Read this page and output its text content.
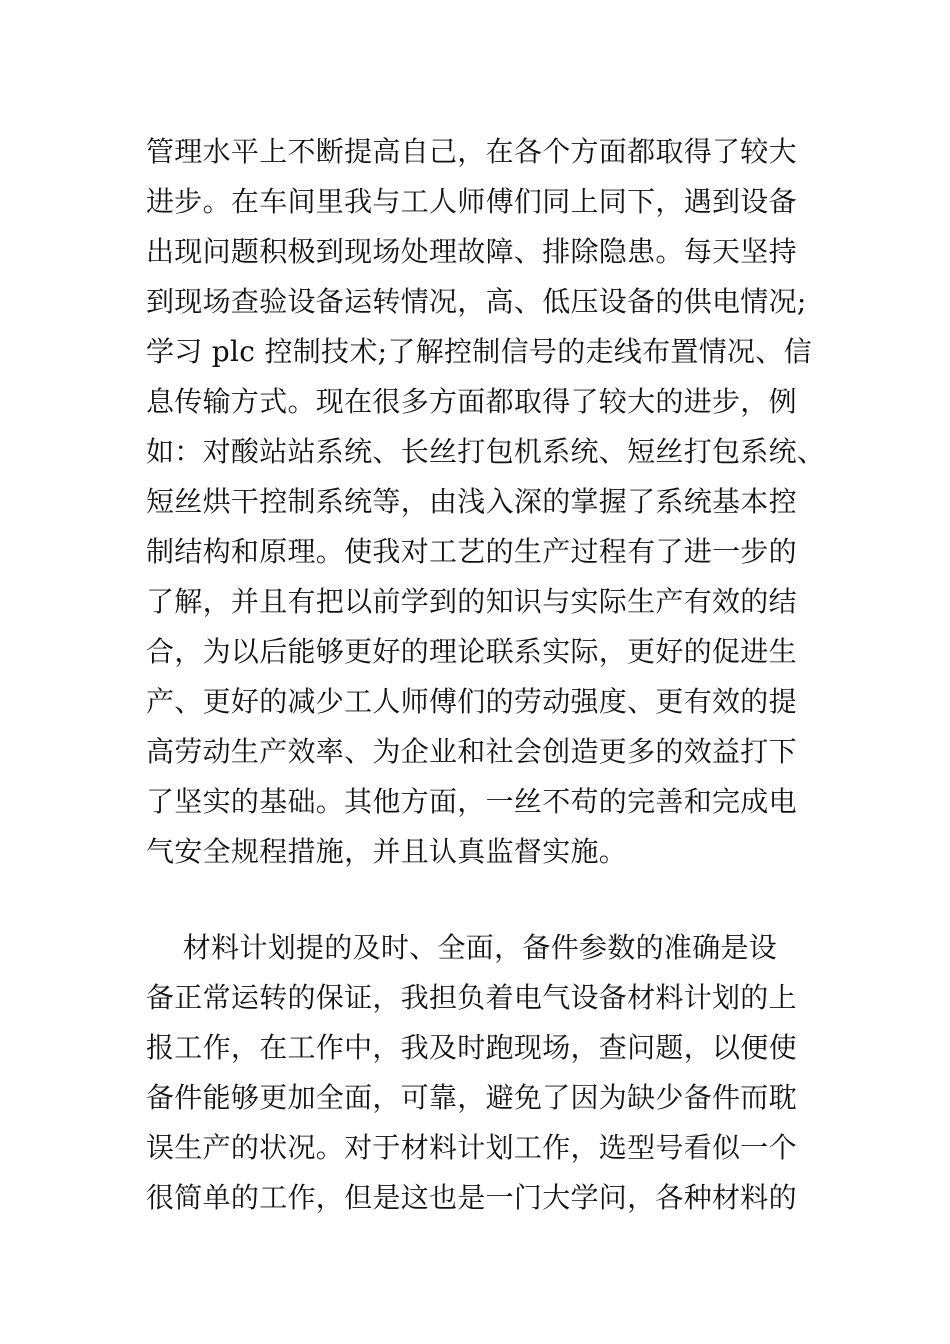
管理水平上不断提高自己，在各个方面都取得了较大
进步。在车间里我与工人师傅们同上同下，遇到设备
出现问题积极到现场处理故障、排除隐患。每天坚持
到现场查验设备运转情况，高、低压设备的供电情况;
学习 plc 控制技术;了解控制信号的走线布置情况、信
息传输方式。现在很多方面都取得了较大的进步，例
如：对酸站站系统、长丝打包机系统、短丝打包系统、
短丝烘干控制系统等，由浅入深的掌握了系统基本控
制结构和原理。使我对工艺的生产过程有了进一步的
了解，并且有把以前学到的知识与实际生产有效的结
合，为以后能够更好的理论联系实际，更好的促进生
产、更好的减少工人师傅们的劳动强度、更有效的提
高劳动生产效率、为企业和社会创造更多的效益打下
了坚实的基础。其他方面，一丝不苟的完善和完成电
气安全规程措施，并且认真监督实施。
材料计划提的及时、全面，备件参数的准确是设
备正常运转的保证，我担负着电气设备材料计划的上
报工作，在工作中，我及时跑现场，查问题，以便使
备件能够更加全面，可靠，避免了因为缺少备件而耽
误生产的状况。对于材料计划工作，选型号看似一个
很简单的工作，但是这也是一门大学问，各种材料的
